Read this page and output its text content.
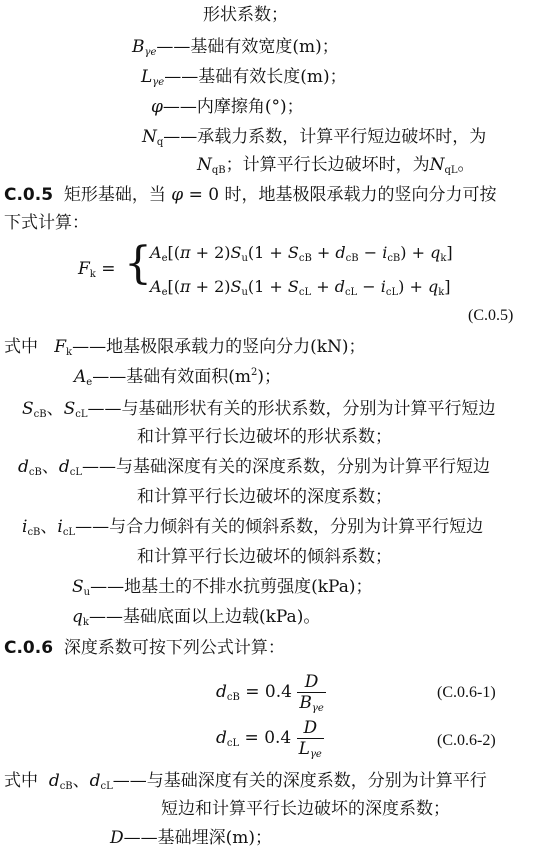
形状系数；
$B_{\gamma e}——$基础有效宽度(m)；
$L_{\gamma e}——$基础有效长度(m)；
φ——内摩擦角(°)；
$N_q——$承载力系数，计算平行短边破坏时，为
$N_{qB}$；计算平行长边破坏时，为$N_{qL}$。
C.0.5 矩形基础，当 φ = 0 时，地基极限承载力的竖向分力可按
下式计算：
$F_k$ = {
$A_e[(\pi + 2)S_u(1 + S_{cB} + d_{cB} - i_{cB}) + q_k]$
$A_e[(\pi + 2)S_u(1 + S_{cL} + d_{cL} - i_{cL}) + q_k]$
(C.0.5)
式中 $F_k——$地基极限承载力的竖向分力(kN)；
$A_e——$基础有效面积$(m^2)$；
$S_{cB}$、$S_{cL}——$与基础形状有关的形状系数，分别为计算平行短边
和计算平行长边破坏的形状系数；
$d_{cB}$、$d_{cL}——$与基础深度有关的深度系数，分别为计算平行短边
和计算平行长边破坏的深度系数；
$i_{cB}$、$i_{cL}——$与合力倾斜有关的倾斜系数，分别为计算平行短边
和计算平行长边破坏的倾斜系数；
$S_u——$地基土的不排水抗剪强度(kPa)；
$q_k——$基础底面以上边载(kPa)。
C.0.6 深度系数可按下列公式计算：
$d_{cB} = 0.4 \frac{D}{B_{\gamma e}}$	(C.0.6-1)
$d_{cL} = 0.4 \frac{D}{L_{\gamma e}}$	(C.0.6-2)
式中 $d_{cB}$、$d_{cL}——$与基础深度有关的深度系数，分别为计算平行
短边和计算平行长边破坏的深度系数；
D——基础埋深(m)；
